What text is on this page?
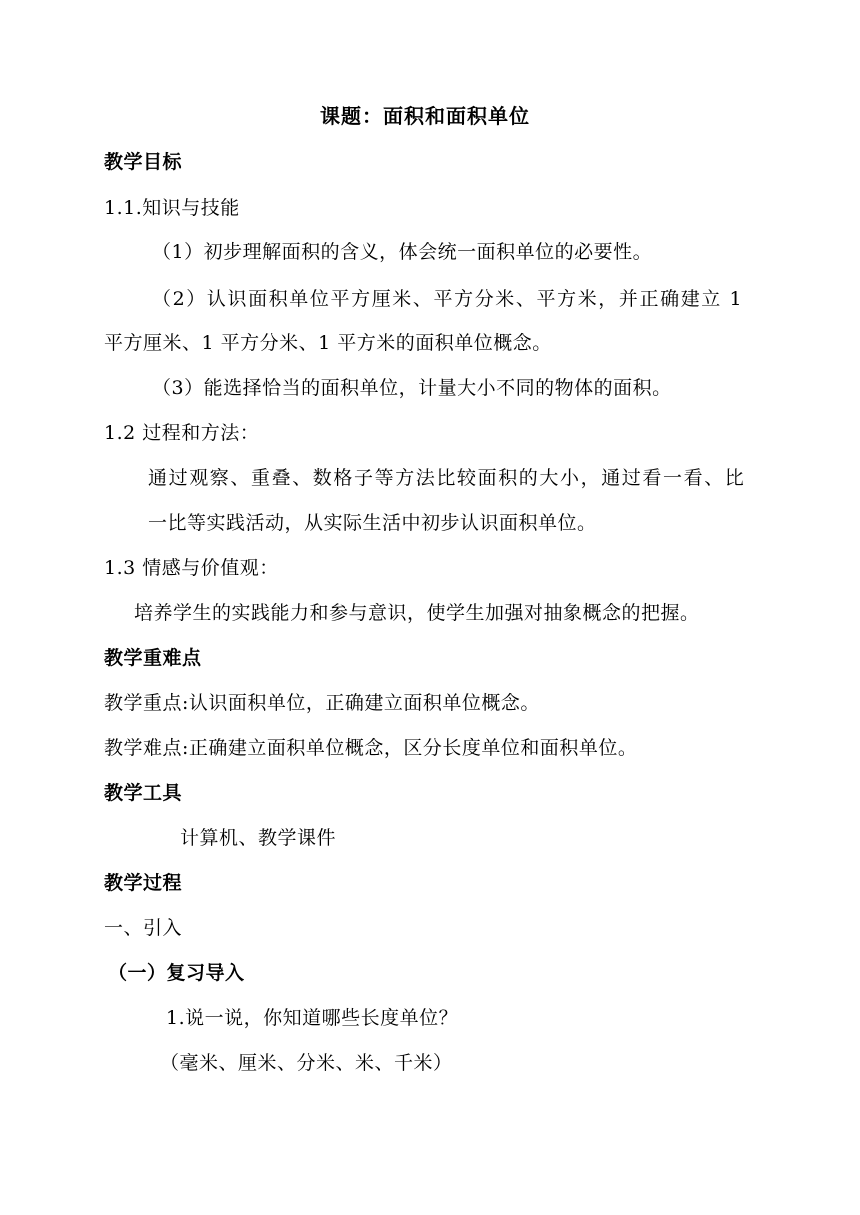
课题：面积和面积单位
教学目标
1.1.知识与技能
（1）初步理解面积的含义，体会统一面积单位的必要性。
（2）认识面积单位平方厘米、平方分米、平方米，并正确建立 1
平方厘米、1 平方分米、1 平方米的面积单位概念。
（3）能选择恰当的面积单位，计量大小不同的物体的面积。
1.2 过程和方法：
通过观察、重叠、数格子等方法比较面积的大小，通过看一看、比
一比等实践活动，从实际生活中初步认识面积单位。
1.3 情感与价值观：
培养学生的实践能力和参与意识，使学生加强对抽象概念的把握。
教学重难点
教学重点:认识面积单位，正确建立面积单位概念。
教学难点:正确建立面积单位概念，区分长度单位和面积单位。
教学工具
计算机、教学课件
教学过程
一、引入
（一）复习导入
1.说一说，你知道哪些长度单位？
（毫米、厘米、分米、米、千米）
